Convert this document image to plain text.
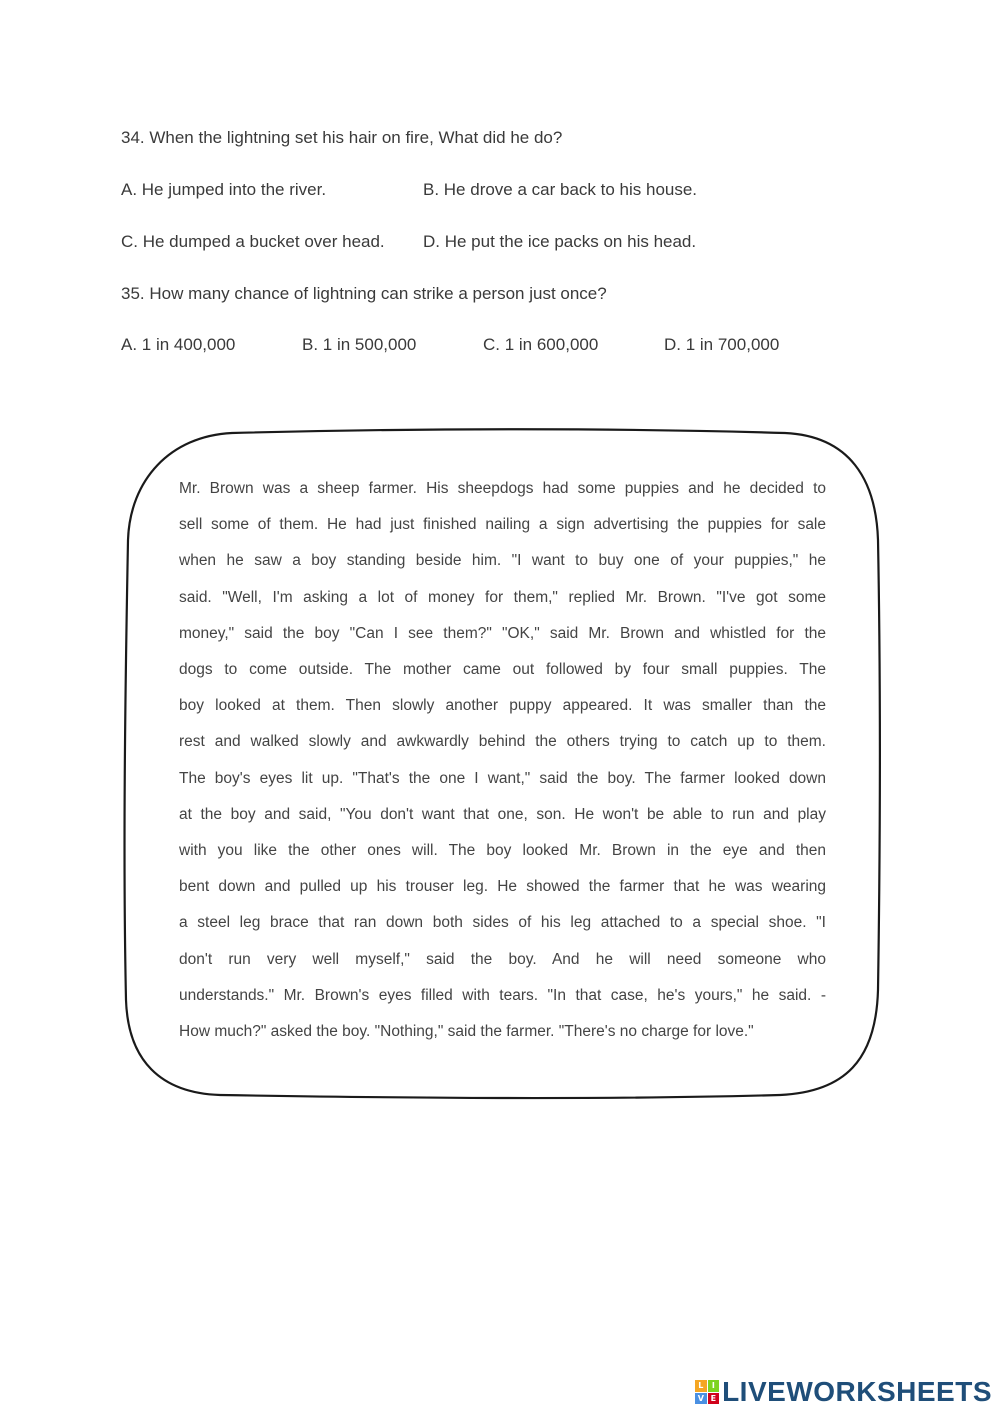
34. When the lightning set his hair on fire, What did he do?
A. He jumped into the river.	B. He drove a car back to his house.
C. He dumped a bucket over head. D. He put the ice packs on his head.
35. How many chance of lightning can strike a person just once?
A. 1 in 400,000	B. 1 in 500,000	C. 1 in 600,000	D. 1 in 700,000
Mr. Brown was a sheep farmer. His sheepdogs had some puppies and he decided to
sell some of them. He had just finished nailing a sign advertising the puppies for sale
when he saw a boy standing beside him. "I want to buy one of your puppies," he
said. "Well, I'm asking a lot of money for them," replied Mr. Brown. "I've got some
money," said the boy "Can I see them?" "OK," said Mr. Brown and whistled for the
dogs to come outside. The mother came out followed by four small puppies. The
boy looked at them. Then slowly another puppy appeared. It was smaller than the
rest and walked slowly and awkwardly behind the others trying to catch up to them.
The boy's eyes lit up. "That's the one I want," said the boy. The farmer looked down
at the boy and said, "You don't want that one, son. He won't be able to run and play
with you like the other ones will. The boy looked Mr. Brown in the eye and then
bent down and pulled up his trouser leg. He showed the farmer that he was wearing
a steel leg brace that ran down both sides of his leg attached to a special shoe. "I
don't run very well myself," said the boy. And he will need someone who
understands." Mr. Brown's eyes filled with tears. "In that case, he's yours," he said. -
How much?" asked the boy. "Nothing," said the farmer. "There's no charge for love."
L	I
V E LIVEWORKSHEETS
